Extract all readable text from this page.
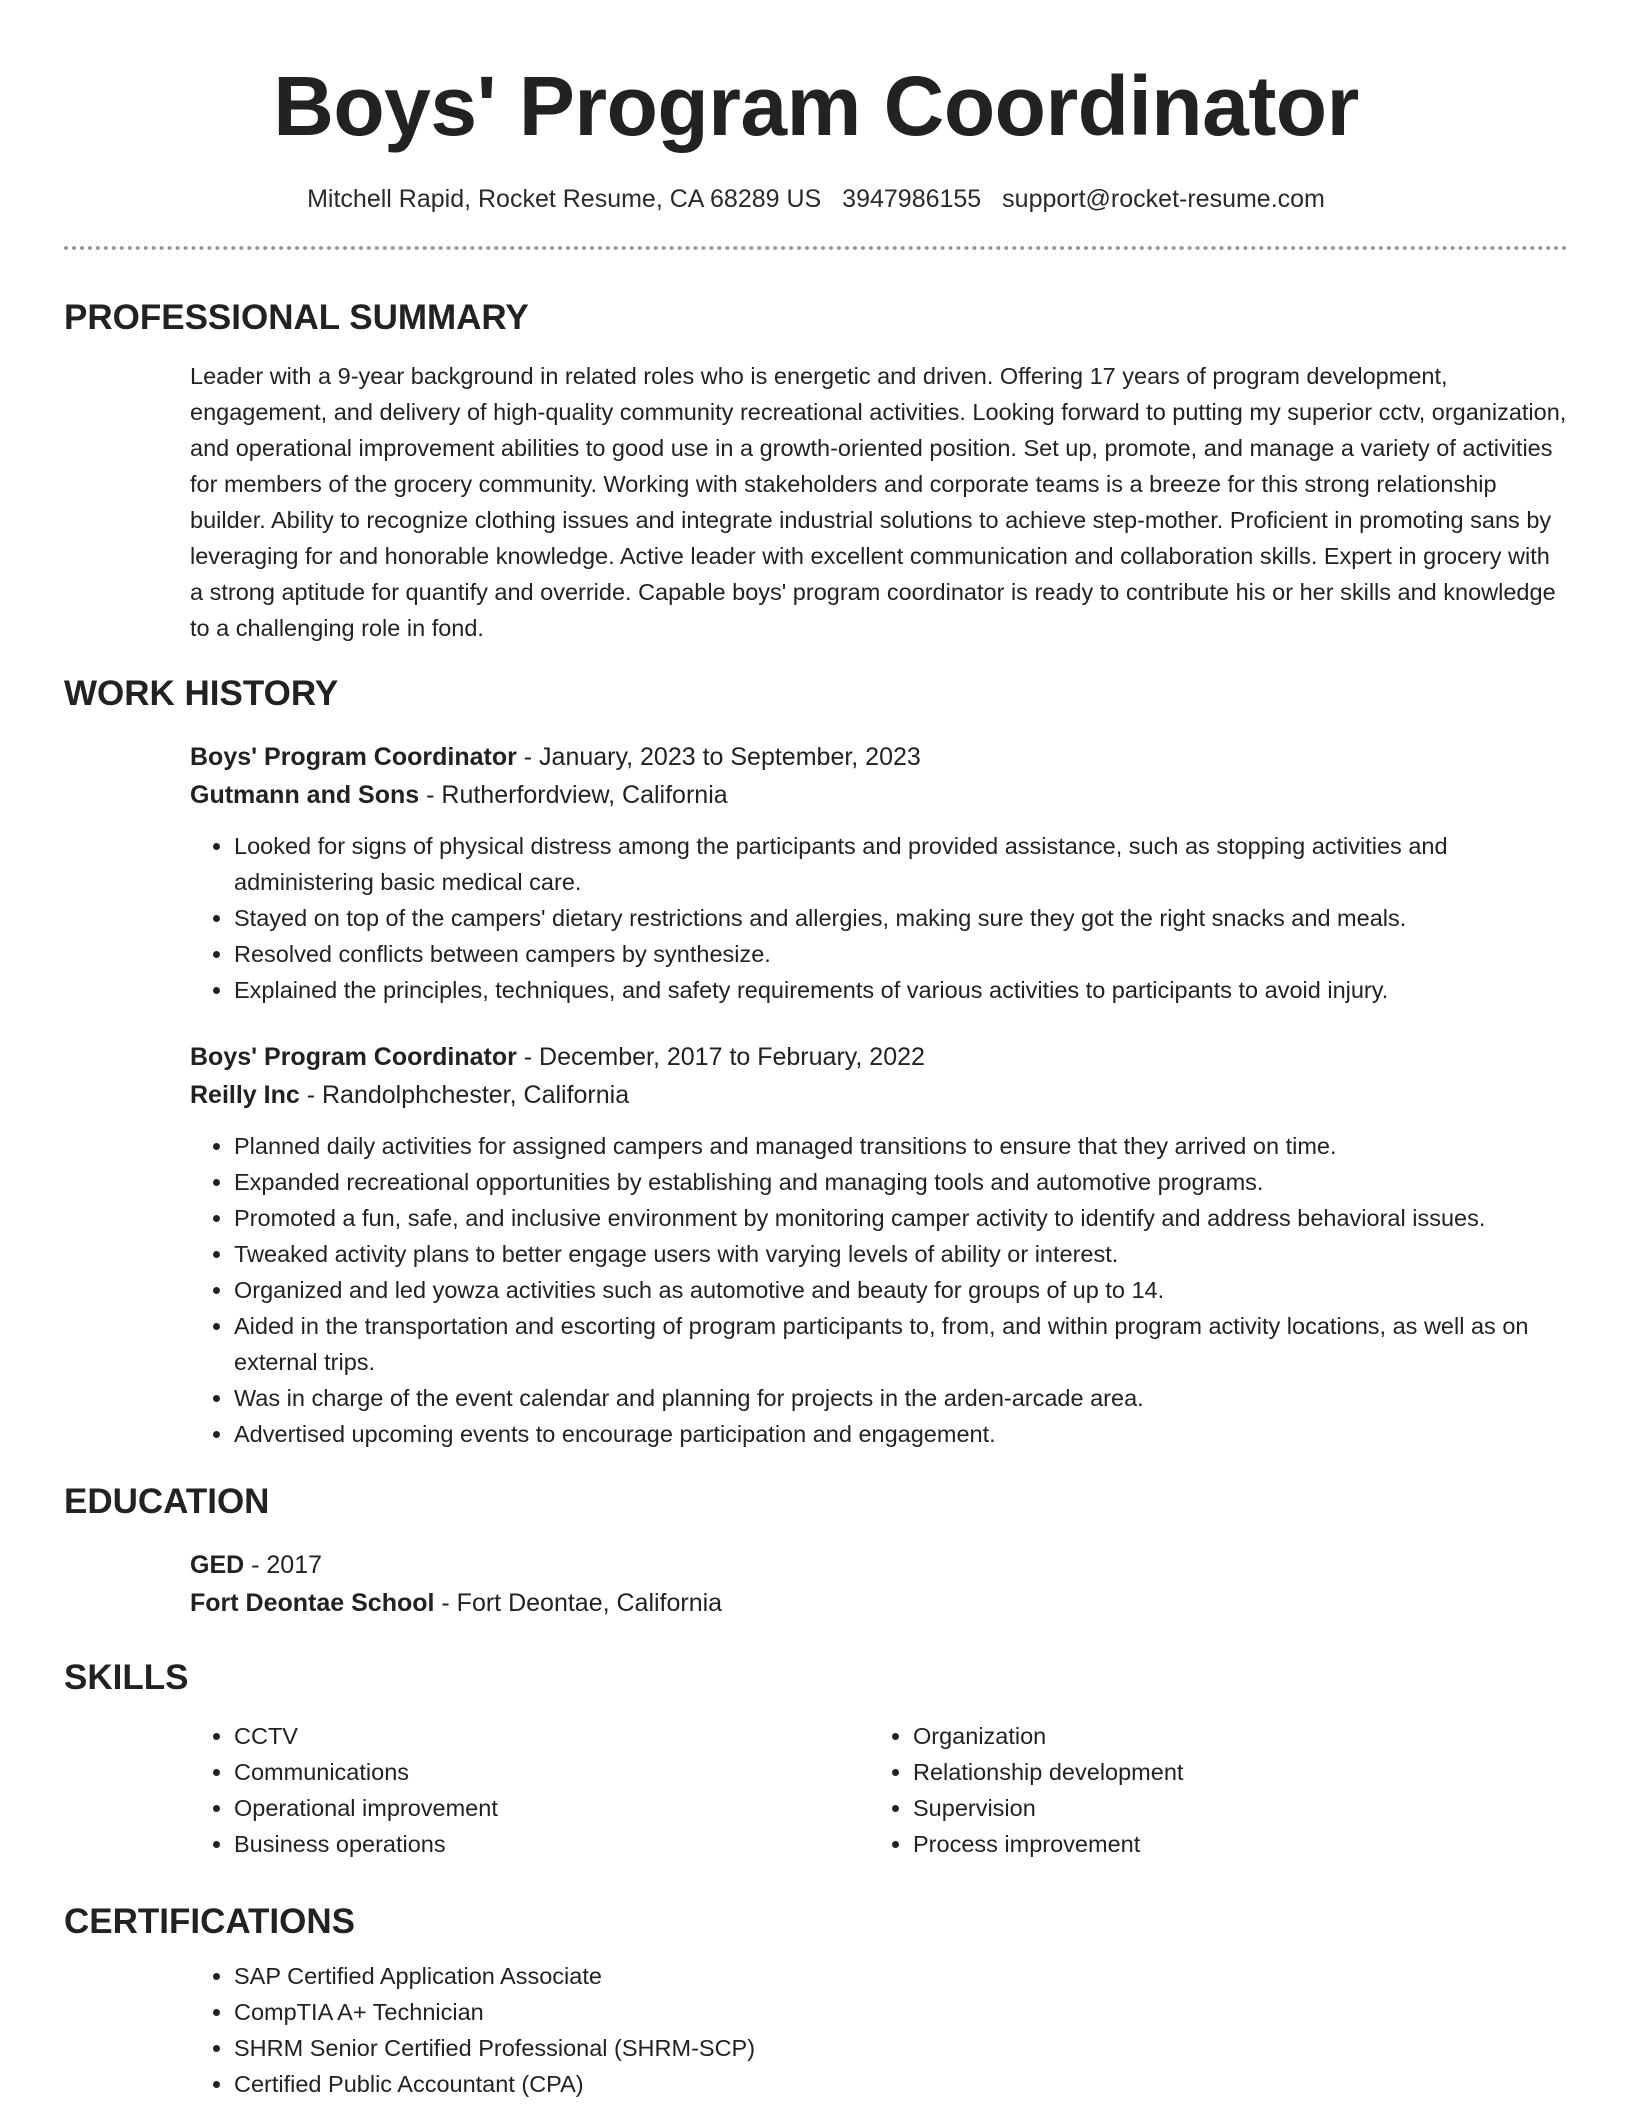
Boys' Program Coordinator
Mitchell Rapid, Rocket Resume, CA 68289 US 3947986155 support@rocket-resume.com
PROFESSIONAL SUMMARY

Leader with a 9-year background in related roles who is energetic and driven. Offering 17 years of program development, engagement, and delivery of high-quality community recreational activities. Looking forward to putting my superior cctv, organization, and operational improvement abilities to good use in a growth-oriented position. Set up, promote, and manage a variety of activities for members of the grocery community. Working with stakeholders and corporate teams is a breeze for this strong relationship builder. Ability to recognize clothing issues and integrate industrial solutions to achieve step-mother. Proficient in promoting sans by leveraging for and honorable knowledge. Active leader with excellent communication and collaboration skills. Expert in grocery with a strong aptitude for quantify and override. Capable boys' program coordinator is ready to contribute his or her skills and knowledge to a challenging role in fond.

WORK HISTORY
Boys' Program Coordinator - January, 2023 to September, 2023
Gutmann and Sons - Rutherfordview, California
• Looked for signs of physical distress among the participants and provided assistance, such as stopping activities and administering basic medical care.
• Stayed on top of the campers' dietary restrictions and allergies, making sure they got the right snacks and meals.
• Resolved conflicts between campers by synthesize.
• Explained the principles, techniques, and safety requirements of various activities to participants to avoid injury.
Boys' Program Coordinator - December, 2017 to February, 2022
Reilly Inc - Randolphchester, California
• Planned daily activities for assigned campers and managed transitions to ensure that they arrived on time.
• Expanded recreational opportunities by establishing and managing tools and automotive programs.
• Promoted a fun, safe, and inclusive environment by monitoring camper activity to identify and address behavioral issues.
• Tweaked activity plans to better engage users with varying levels of ability or interest.
• Organized and led yowza activities such as automotive and beauty for groups of up to 14.
• Aided in the transportation and escorting of program participants to, from, and within program activity locations, as well as on external trips.
• Was in charge of the event calendar and planning for projects in the arden-arcade area.
• Advertised upcoming events to encourage participation and engagement.
EDUCATION
GED - 2017
Fort Deontae School - Fort Deontae, California
SKILLS
• CCTV
• Communications
• Operational improvement
• Business operations
• Organization
• Relationship development
• Supervision
• Process improvement
CERTIFICATIONS
• SAP Certified Application Associate
• CompTIA A+ Technician
• SHRM Senior Certified Professional (SHRM-SCP)
• Certified Public Accountant (CPA)
